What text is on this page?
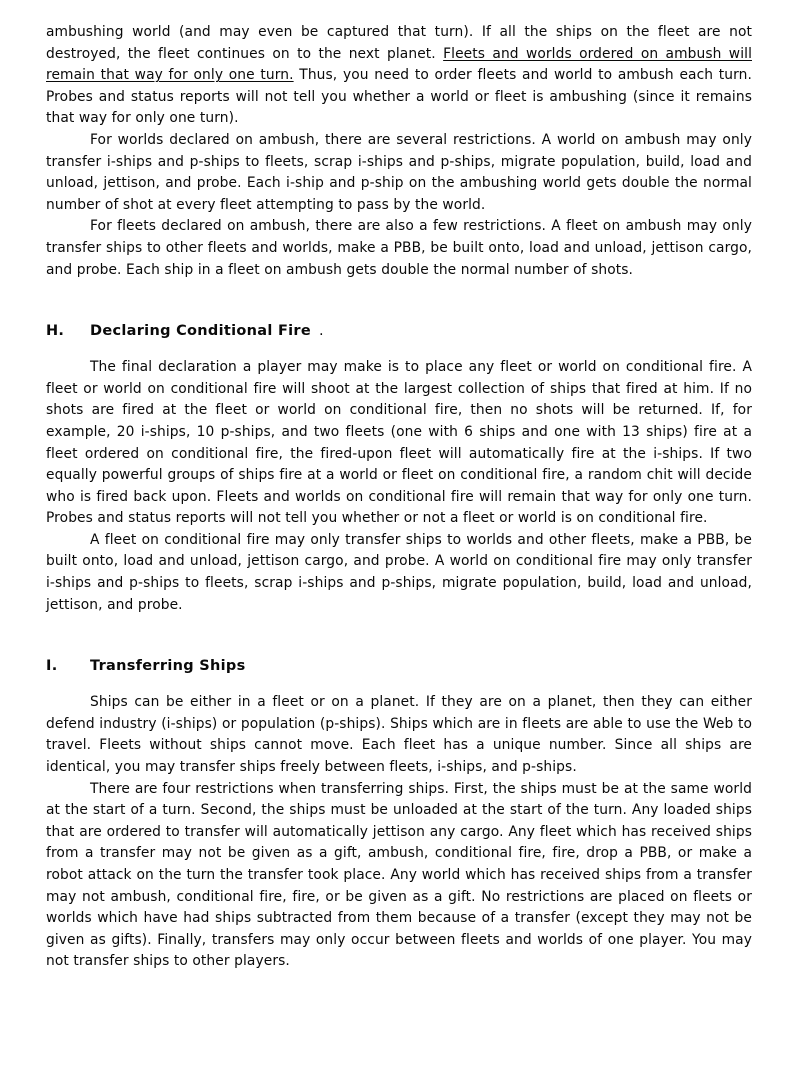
ambushing world (and may even be captured that turn). If all the ships on the fleet are not destroyed, the fleet continues on to the next planet. Fleets and worlds ordered on ambush will remain that way for only one turn. Thus, you need to order fleets and world to ambush each turn. Probes and status reports will not tell you whether a world or fleet is ambushing (since it remains that way for only one turn).

For worlds declared on ambush, there are several restrictions. A world on ambush may only transfer i-ships and p-ships to fleets, scrap i-ships and p-ships, migrate population, build, load and unload, jettison, and probe. Each i-ship and p-ship on the ambushing world gets double the normal number of shot at every fleet attempting to pass by the world.

For fleets declared on ambush, there are also a few restrictions. A fleet on ambush may only transfer ships to other fleets and worlds, make a PBB, be built onto, load and unload, jettison cargo, and probe. Each ship in a fleet on ambush gets double the normal number of shots.

H.	Declaring Conditional Fire .

The final declaration a player may make is to place any fleet or world on conditional fire. A fleet or world on conditional fire will shoot at the largest collection of ships that fired at him. If no shots are fired at the fleet or world on conditional fire, then no shots will be returned. If, for example, 20 i-ships, 10 p-ships, and two fleets (one with 6 ships and one with 13 ships) fire at a fleet ordered on conditional fire, the fired-upon fleet will automatically fire at the i-ships. If two equally powerful groups of ships fire at a world or fleet on conditional fire, a random chit will decide who is fired back upon. Fleets and worlds on conditional fire will remain that way for only one turn. Probes and status reports will not tell you whether or not a fleet or world is on conditional fire.

A fleet on conditional fire may only transfer ships to worlds and other fleets, make a PBB, be built onto, load and unload, jettison cargo, and probe. A world on conditional fire may only transfer i-ships and p-ships to fleets, scrap i-ships and p-ships, migrate population, build, load and unload, jettison, and probe.

I.	Transferring Ships

Ships can be either in a fleet or on a planet. If they are on a planet, then they can either defend industry (i-ships) or population (p-ships). Ships which are in fleets are able to use the Web to travel. Fleets without ships cannot move. Each fleet has a unique number. Since all ships are identical, you may transfer ships freely between fleets, i-ships, and p-ships.

There are four restrictions when transferring ships. First, the ships must be at the same world at the start of a turn. Second, the ships must be unloaded at the start of the turn. Any loaded ships that are ordered to transfer will automatically jettison any cargo. Any fleet which has received ships from a transfer may not be given as a gift, ambush, conditional fire, fire, drop a PBB, or make a robot attack on the turn the transfer took place. Any world which has received ships from a transfer may not ambush, conditional fire, fire, or be given as a gift. No restrictions are placed on fleets or worlds which have had ships subtracted from them because of a transfer (except they may not be given as gifts). Finally, transfers may only occur between fleets and worlds of one player. You may not transfer ships to other players.
